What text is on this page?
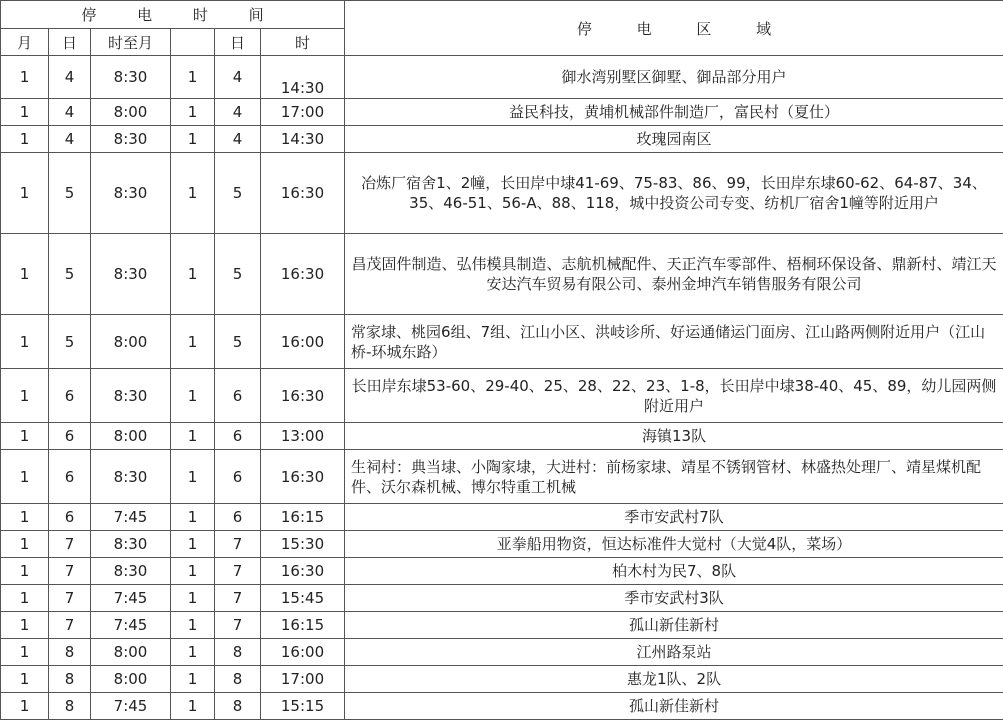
停 电 时 间						停 电 区 域
月	日	时至月		日	时	
1	4	8:30	1	4	14:30	御水湾别墅区御墅、御品部分用户
1	4	8:00	1	4	17:00	益民科技，黄埔机械部件制造厂，富民村（夏仕）
1	4	8:30	1	4	14:30	玫瑰园南区
1	5	8:30	1	5	16:30	冶炼厂宿舍1、2幢，长田岸中埭41-69、75-83、86、99，长田岸东埭60-62、64-87、34、35、46-51、56-A、88、118，城中投资公司专变、纺机厂宿舍1幢等附近用户
1	5	8:30	1	5	16:30	昌茂固件制造、弘伟模具制造、志航机械配件、天正汽车零部件、梧桐环保设备、鼎新村、靖江天安达汽车贸易有限公司、泰州金坤汽车销售服务有限公司
1	5	8:00	1	5	16:00	常家埭、桃园6组、7组、江山小区、洪岐诊所、好运通储运门面房、江山路两侧附近用户（江山桥-环城东路）
1	6	8:30	1	6	16:30	长田岸东埭53-60、29-40、25、28、22、23、1-8，长田岸中埭38-40、45、89，幼儿园两侧附近用户
1	6	8:00	1	6	13:00	海镇13队
1	6	8:30	1	6	16:30	生祠村：典当埭、小陶家埭，大进村：前杨家埭、靖星不锈钢管材、林盛热处理厂、靖星煤机配件、沃尔森机械、博尔特重工机械
1	6	7:45	1	6	16:15	季市安武村7队
1	7	8:30	1	7	15:30	亚拳船用物资，恒达标准件大觉村（大觉4队，菜场）
1	7	8:30	1	7	16:30	柏木村为民7、8队
1	7	7:45	1	7	15:45	季市安武村3队
1	7	7:45	1	7	16:15	孤山新佳新村
1	8	8:00	1	8	16:00	江州路泵站
1	8	8:00	1	8	17:00	惠龙1队、2队
1	8	7:45	1	8	15:15	孤山新佳新村
